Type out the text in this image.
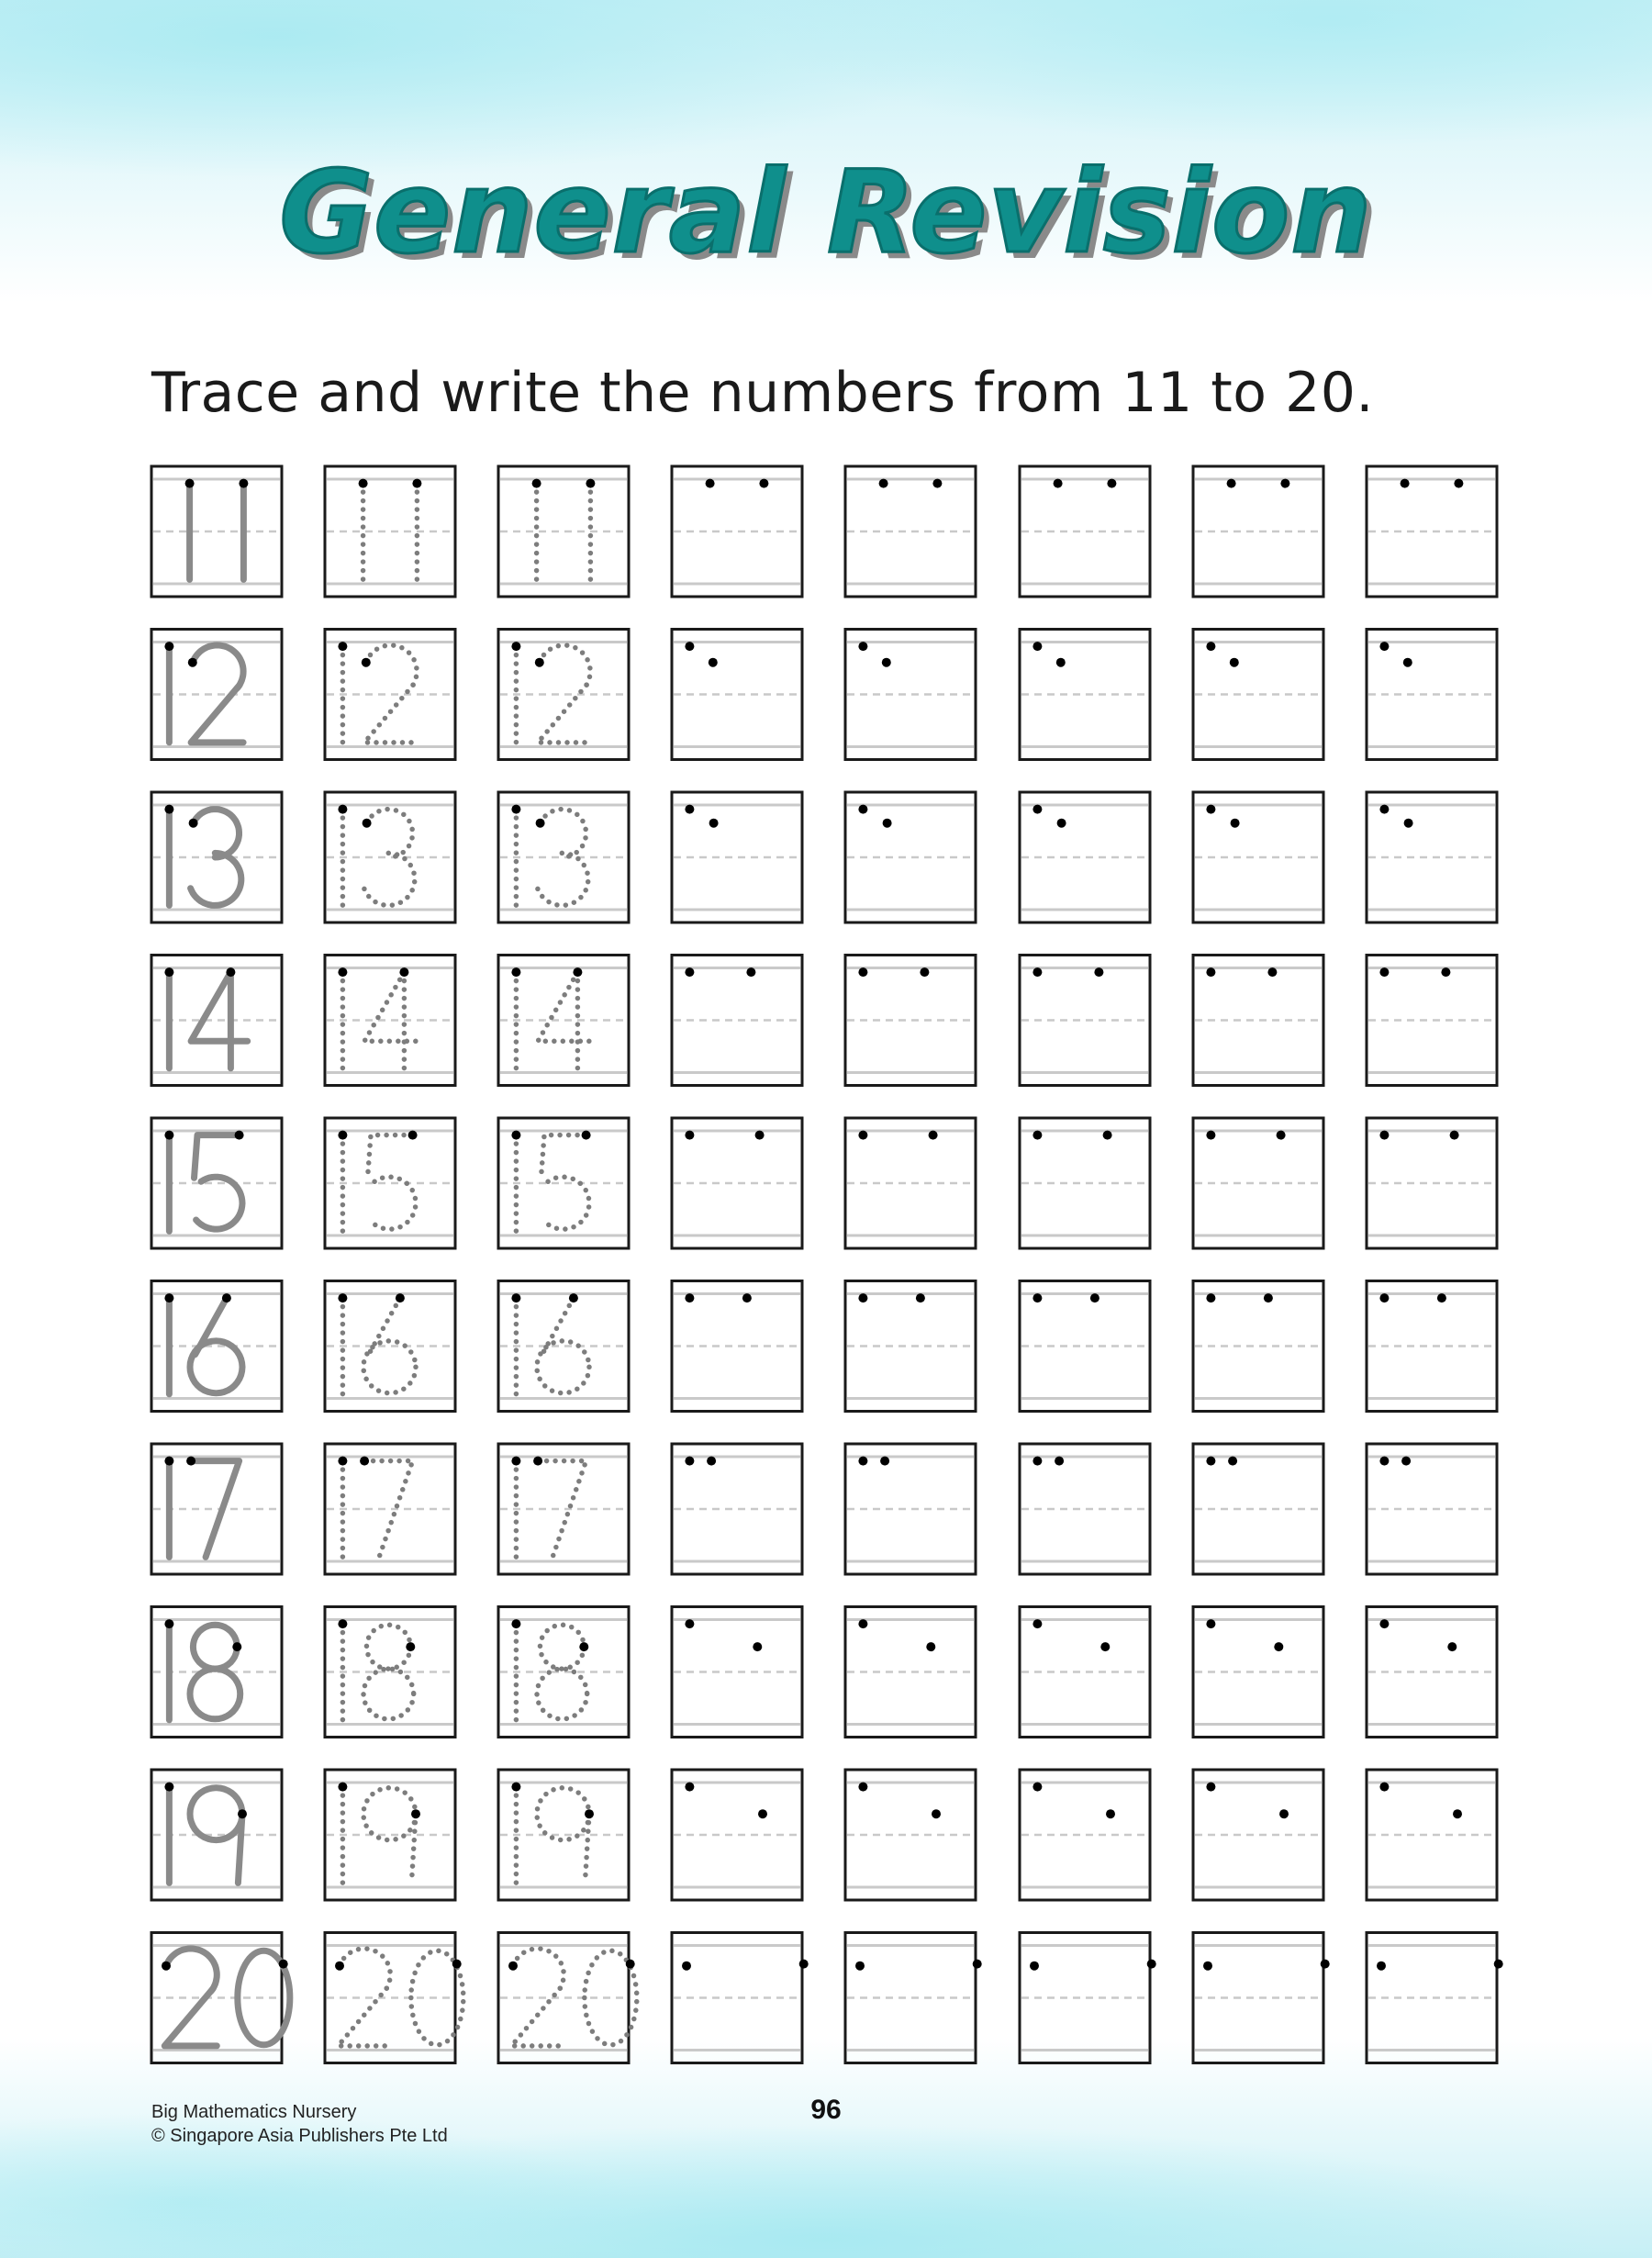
General Revision
Trace and write the numbers from 11 to 20.
Big Mathematics Nursery
© Singapore Asia Publishers Pte Ltd
96
